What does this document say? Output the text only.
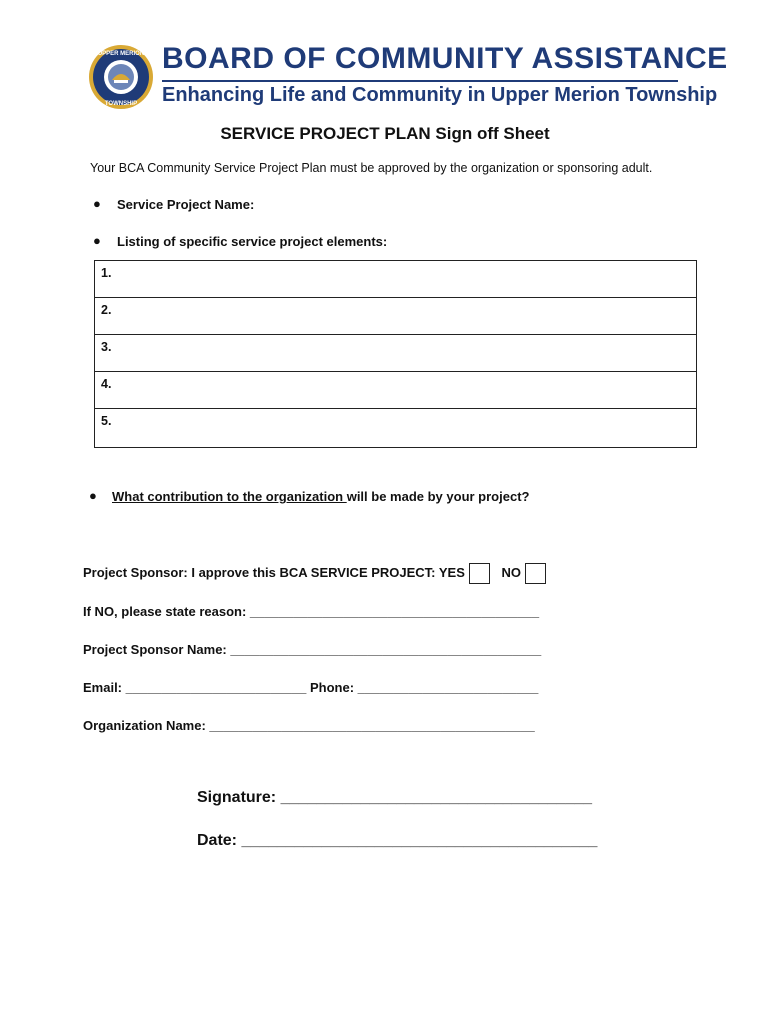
UPPER MERION
TOWNSHIP
BOARD OF COMMUNITY ASSISTANCE
Enhancing Life and Community in Upper Merion Township
SERVICE PROJECT PLAN Sign off Sheet
Your BCA Community Service Project Plan must be approved by the organization or sponsoring adult.
● Service Project Name:
● Listing of specific service project elements:
1.
2.
3.
4.
5.
● What contribution to the organization will be made by your project?
Project Sponsor: I approve this BCA SERVICE PROJECT: YES	NO
If NO, please state reason: ________________________________________
Project Sponsor Name: ___________________________________________
Email: _________________________ Phone: _________________________
Organization Name: _____________________________________________
Signature: ___________________________________
Date: ________________________________________
